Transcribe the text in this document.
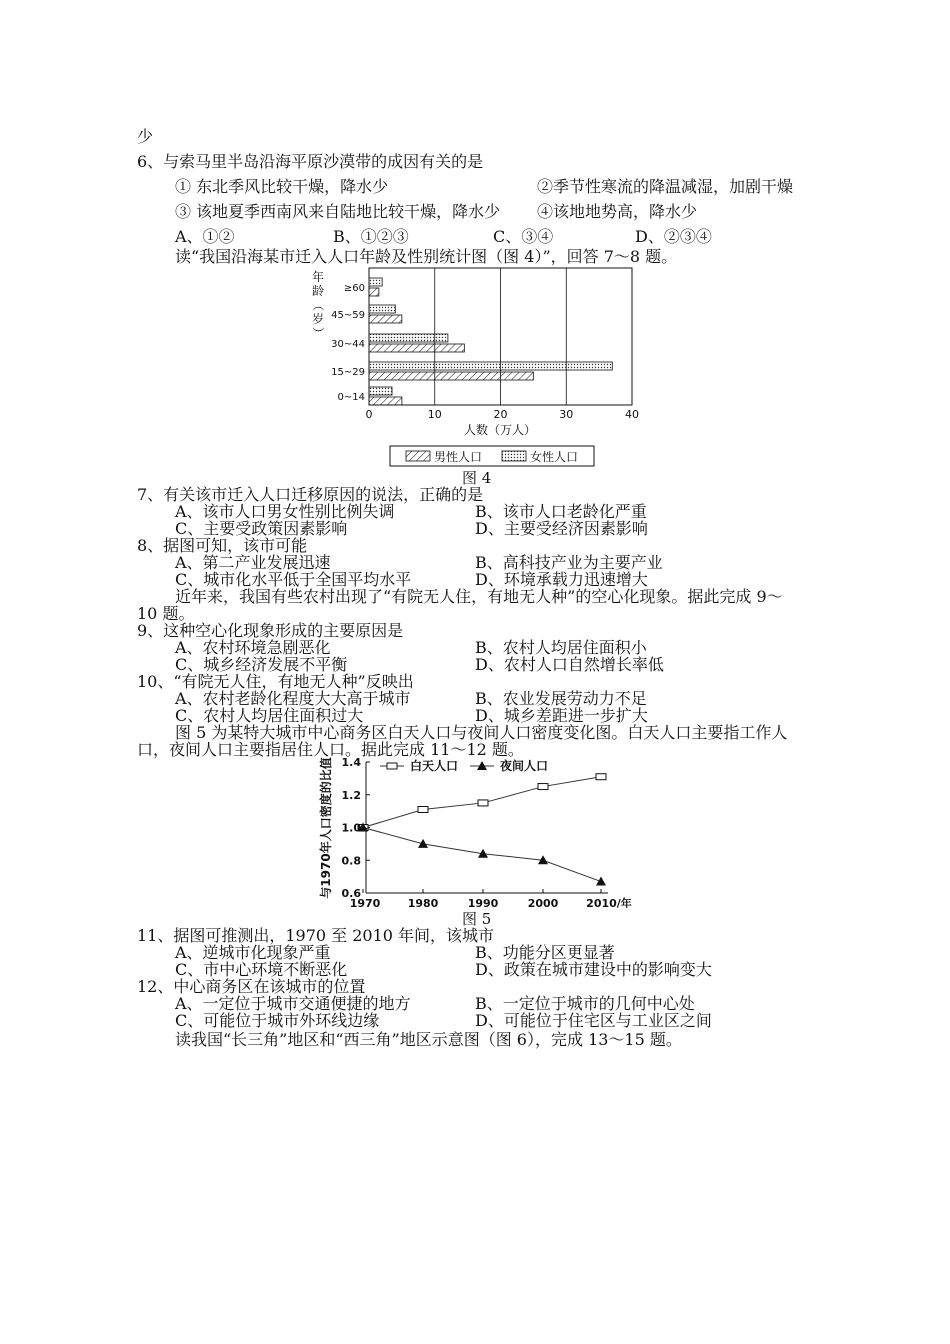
少
6、与索马里半岛沿海平原沙漠带的成因有关的是
① 东北季风比较干燥，降水少	②季节性寒流的降温减湿，加剧干燥
③ 该地夏季西南风来自陆地比较干燥，降水少 ④该地地势高，降水少
A、①②	B、①②③	C、③④	D、②③④
读“我国沿海某市迁入人口年龄及性别统计图（图 4）”，回答 7～8 题。
0	10	20	30	40
≥60
45~59
30~44
15~29
0~14
年
龄
（
岁
）
人数（万人）
男性人口	女性人口
图 4
7、有关该市迁入人口迁移原因的说法，正确的是
A、该市人口男女性别比例失调	B、该市人口老龄化严重
C、主要受政策因素影响	D、主要受经济因素影响
8、据图可知，该市可能
A、第二产业发展迅速	B、高科技产业为主要产业
C、城市化水平低于全国平均水平	D、环境承载力迅速增大
近年来，我国有些农村出现了“有院无人住，有地无人种”的空心化现象。据此完成 9～
10 题。
9、这种空心化现象形成的主要原因是
A、农村环境急剧恶化	B、农村人均居住面积小
C、城乡经济发展不平衡	D、农村人口自然增长率低
10、“有院无人住，有地无人种”反映出
A、农村老龄化程度大大高于城市	B、农业发展劳动力不足
C、农村人均居住面积过大	D、城乡差距进一步扩大
图 5 为某特大城市中心商务区白天人口与夜间人口密度变化图。白天人口主要指工作人
口，夜间人口主要指居住人口。据此完成 11～12 题。
0.6
0.8
1.0
1.2
1.4
1970 1980	1990	2000	2010/年
与1970年人口密度的比值	白天人口	夜间人口
图 5
11、据图可推测出，1970 至 2010 年间，该城市
A、逆城市化现象严重	B、功能分区更显著
C、市中心环境不断恶化	D、政策在城市建设中的影响变大
12、中心商务区在该城市的位置
A、一定位于城市交通便捷的地方	B、一定位于城市的几何中心处
C、可能位于城市外环线边缘	D、可能位于住宅区与工业区之间
读我国“长三角”地区和“西三角”地区示意图（图 6），完成 13～15 题。
